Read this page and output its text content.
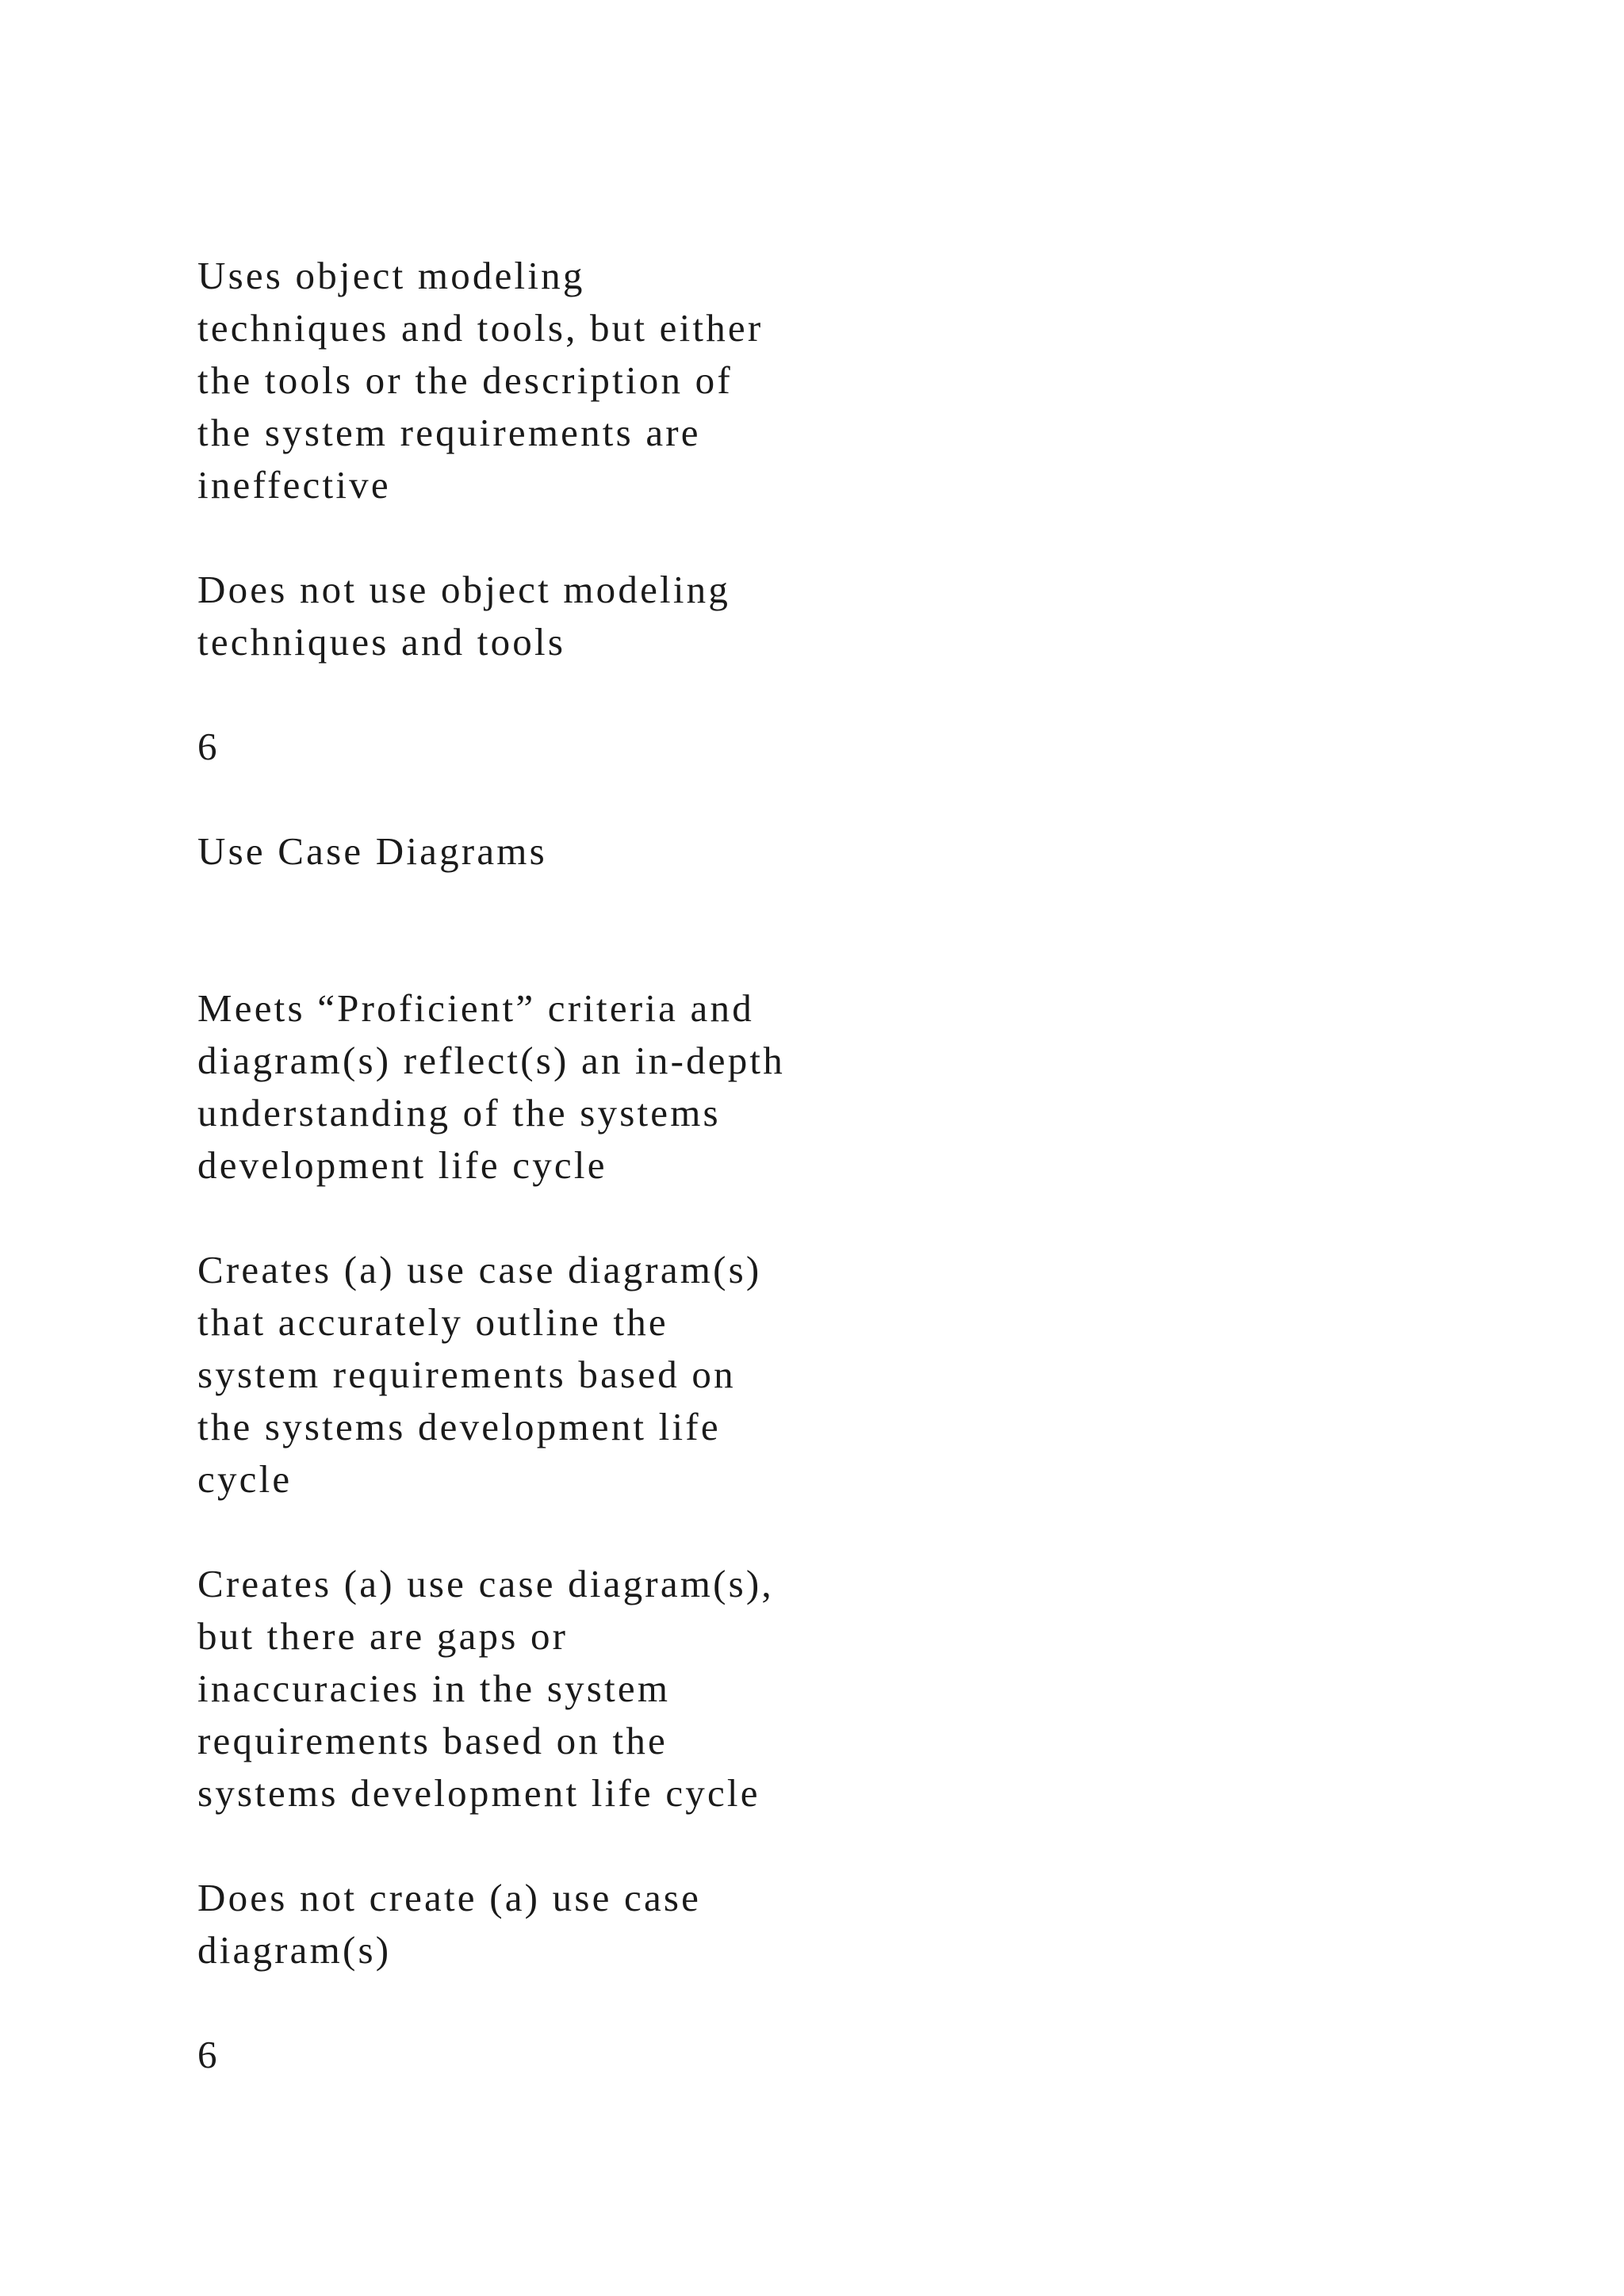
Uses object modeling
techniques and tools, but either
the tools or the description of
the system requirements are
ineffective
Does not use object modeling
techniques and tools
6
Use Case Diagrams
Meets “Proficient” criteria and
diagram(s) reflect(s) an in-depth
understanding of the systems
development life cycle
Creates (a) use case diagram(s)
that accurately outline the
system requirements based on
the systems development life
cycle
Creates (a) use case diagram(s),
but there are gaps or
inaccuracies in the system
requirements based on the
systems development life cycle
Does not create (a) use case
diagram(s)
6
